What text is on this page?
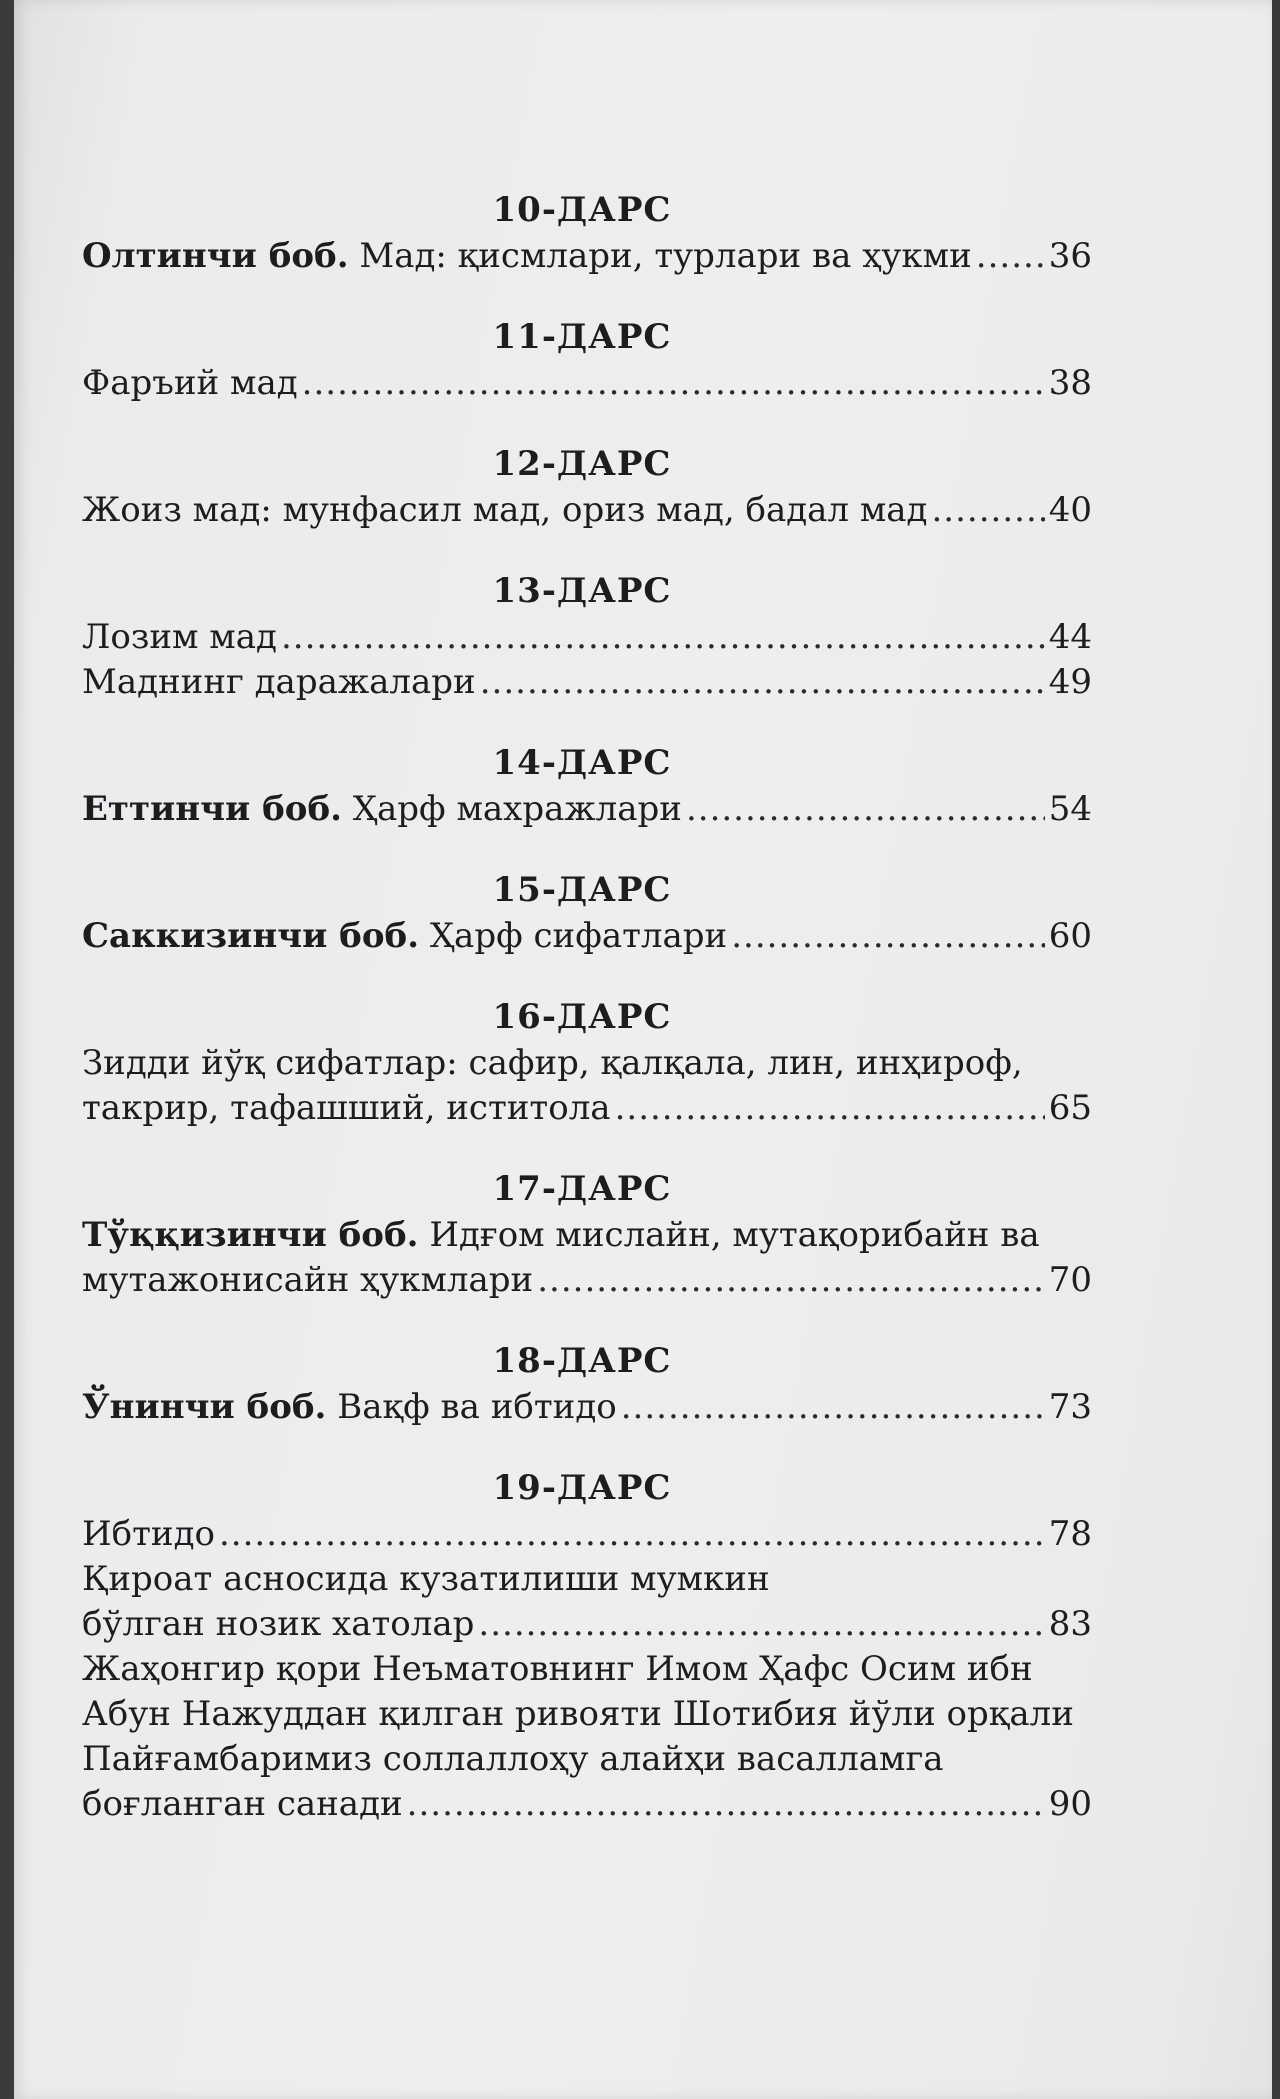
10-ДАРС
Олтинчи боб. Мад: қисмлари, турлари ва ҳукми ..... 36
11-ДАРС
Фаръий мад .....	38
12-ДАРС
Жоиз мад: мунфасил мад, ориз мад, бадал мад .....	40
13-ДАРС
Лозим мад .....	44
Маднинг даражалари .....	49
14-ДАРС
Еттинчи боб. Ҳарф махражлари .....	54
15-ДАРС
Саккизинчи боб. Ҳарф сифатлари .....	60
16-ДАРС
Зидди йўқ сифатлар: сафир, қалқала, лин, инҳироф,
такрир, тафашший, иститола .....	65
17-ДАРС
Тўққизинчи боб. Идғом мислайн, мутақорибайн ва
мутажонисайн ҳукмлари .....	70
18-ДАРС
Ўнинчи боб. Вақф ва ибтидо .....	73
19-ДАРС
Ибтидо .....	78
Қироат асносида кузатилиши мумкин
бўлган нозик хатолар .....	83
Жаҳонгир қори Неъматовнинг Имом Ҳафс Осим ибн
Абун Нажуддан қилган ривояти Шотибия йўли орқали
Пайғамбаримиз соллаллоҳу алайҳи васалламга
боғланган санади .....	90
